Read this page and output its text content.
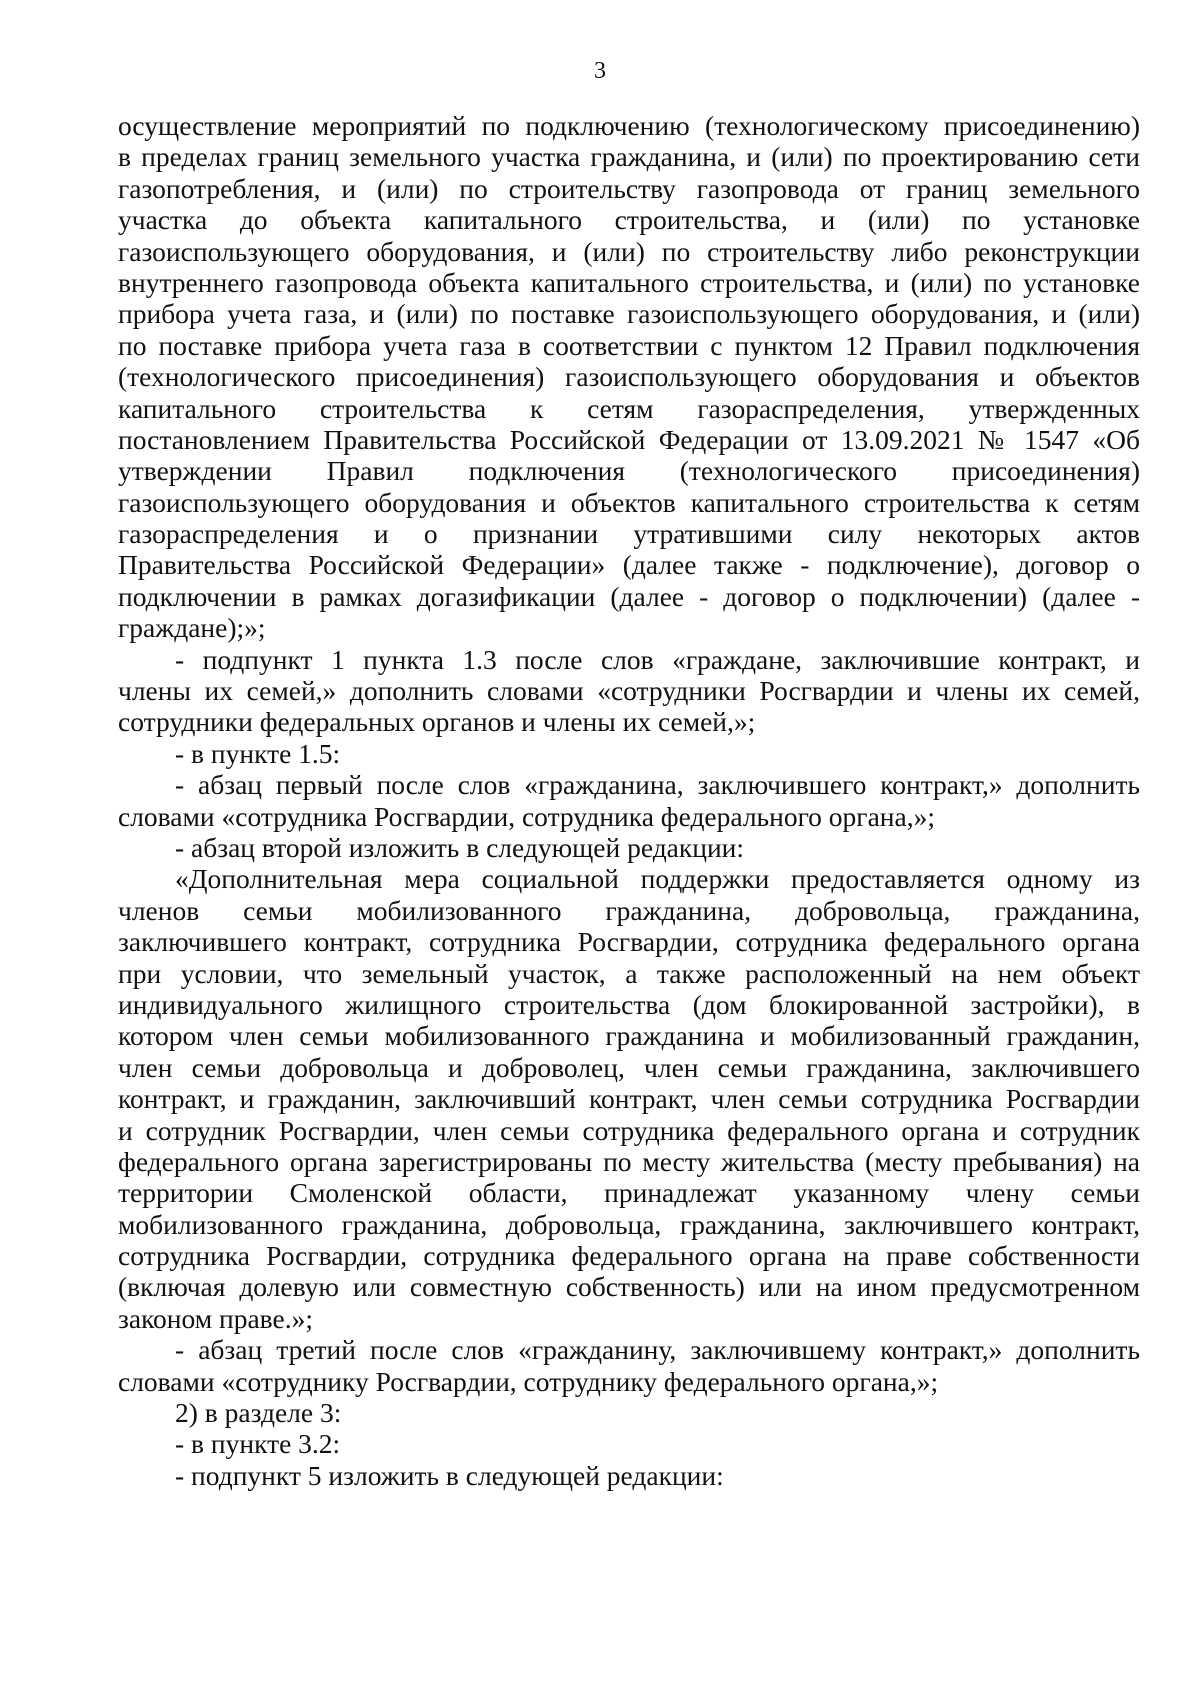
3
осуществление мероприятий по подключению (технологическому присоединению)
в пределах границ земельного участка гражданина, и (или) по проектированию сети
газопотребления, и (или) по строительству газопровода от границ земельного
участка до объекта капитального строительства, и (или) по установке
газоиспользующего оборудования, и (или) по строительству либо реконструкции
внутреннего газопровода объекта капитального строительства, и (или) по установке
прибора учета газа, и (или) по поставке газоиспользующего оборудования, и (или)
по поставке прибора учета газа в соответствии с пунктом 12 Правил подключения
(технологического присоединения) газоиспользующего оборудования и объектов
капитального строительства к сетям газораспределения, утвержденных
постановлением Правительства Российской Федерации от 13.09.2021 № 1547 «Об
утверждении Правил подключения (технологического присоединения)
газоиспользующего оборудования и объектов капитального строительства к сетям
газораспределения и о признании утратившими силу некоторых актов
Правительства Российской Федерации» (далее также - подключение), договор о
подключении в рамках догазификации (далее - договор о подключении) (далее -
граждане);»;
- подпункт 1 пункта 1.3 после слов «граждане, заключившие контракт, и
члены их семей,» дополнить словами «сотрудники Росгвардии и члены их семей,
сотрудники федеральных органов и члены их семей,»;
- в пункте 1.5:
- абзац первый после слов «гражданина, заключившего контракт,» дополнить
словами «сотрудника Росгвардии, сотрудника федерального органа,»;
- абзац второй изложить в следующей редакции:
«Дополнительная мера социальной поддержки предоставляется одному из
членов семьи мобилизованного гражданина, добровольца, гражданина,
заключившего контракт, сотрудника Росгвардии, сотрудника федерального органа
при условии, что земельный участок, а также расположенный на нем объект
индивидуального жилищного строительства (дом блокированной застройки), в
котором член семьи мобилизованного гражданина и мобилизованный гражданин,
член семьи добровольца и доброволец, член семьи гражданина, заключившего
контракт, и гражданин, заключивший контракт, член семьи сотрудника Росгвардии
и сотрудник Росгвардии, член семьи сотрудника федерального органа и сотрудник
федерального органа зарегистрированы по месту жительства (месту пребывания) на
территории Смоленской области, принадлежат указанному члену семьи
мобилизованного гражданина, добровольца, гражданина, заключившего контракт,
сотрудника Росгвардии, сотрудника федерального органа на праве собственности
(включая долевую или совместную собственность) или на ином предусмотренном
законом праве.»;
- абзац третий после слов «гражданину, заключившему контракт,» дополнить
словами «сотруднику Росгвардии, сотруднику федерального органа,»;
2) в разделе 3:
- в пункте 3.2:
- подпункт 5 изложить в следующей редакции:
